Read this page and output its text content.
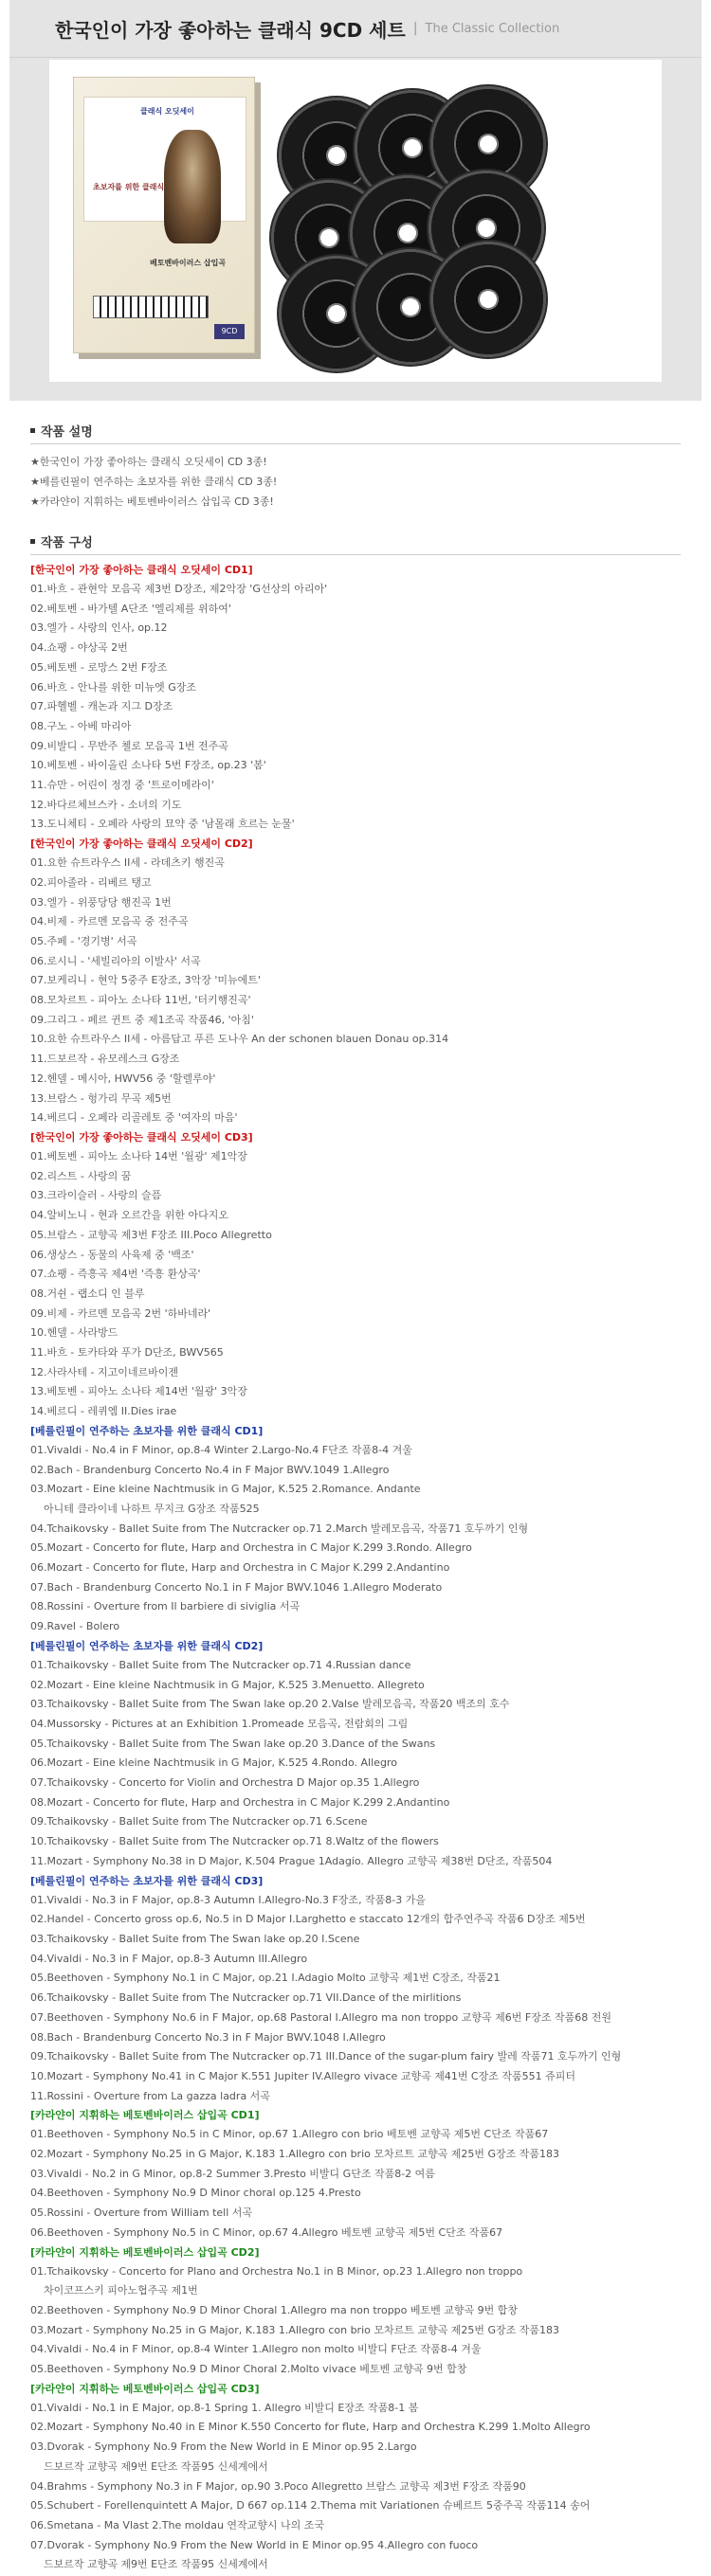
한국인이 가장 좋아하는 클래식 9CD 세트 | The Classic Collection
클래식 오딧세이
초보자를 위한 클래식
베토벤바이러스 삽입곡
9CD
작품 설명
★한국인이 가장 좋아하는 클래식 오딧세이 CD 3종!
★베를린필이 연주하는 초보자를 위한 클래식 CD 3종!
★카라얀이 지휘하는 베토벤바이러스 삽입곡 CD 3종!
작품 구성
[한국인이 가장 좋아하는 클래식 오딧세이 CD1]
01.바흐 - 관현악 모음곡 제3번 D장조, 제2악장 'G선상의 아리아'
02.베토벤 - 바가텔 A단조 '엘리제를 위하여'
03.엘가 - 사랑의 인사, op.12
04.쇼팽 - 야상곡 2번
05.베토벤 - 로망스 2번 F장조
06.바흐 - 안나를 위한 미뉴엣 G장조
07.파헬벨 - 캐논과 지그 D장조
08.구노 - 아베 마리아
09.비발디 - 무반주 첼로 모음곡 1번 전주곡
10.베토벤 - 바이올린 소나타 5번 F장조, op.23 '봄'
11.슈만 - 어린이 정경 중 '트로이메라이'
12.바다르체브스카 - 소녀의 기도
13.도니체티 - 오페라 사랑의 묘약 중 '남몰래 흐르는 눈물'
[한국인이 가장 좋아하는 클래식 오딧세이 CD2]
01.요한 슈트라우스 II세 - 라데츠키 행진곡
02.피아졸라 - 리베르 탱고
03.엘가 - 위풍당당 행진곡 1번
04.비제 - 카르멘 모음곡 중 전주곡
05.주페 - '경기병' 서곡
06.로시니 - '세빌리아의 이발사' 서곡
07.보케리니 - 현악 5중주 E장조, 3악장 '미뉴에트'
08.모차르트 - 피아노 소나타 11번, '터키행진곡'
09.그리그 - 페르 귄트 중 제1조곡 작품46, '아침'
10.요한 슈트라우스 II세 - 아름답고 푸른 도나우 An der schonen blauen Donau op.314
11.드보르작 - 유모레스크 G장조
12.헨델 - 메시아, HWV56 중 '할렐루야'
13.브람스 - 헝가리 무곡 제5번
14.베르디 - 오페라 리골레토 중 '여자의 마음'
[한국인이 가장 좋아하는 클래식 오딧세이 CD3]
01.베토벤 - 피아노 소나타 14번 '월광' 제1악장
02.리스트 - 사랑의 꿈
03.크라이슬러 - 사랑의 슬픔
04.알비노니 - 현과 오르간을 위한 아다지오
05.브람스 - 교향곡 제3번 F장조 III.Poco Allegretto
06.생상스 - 동물의 사육제 중 '백조'
07.쇼팽 - 즉흥곡 제4번 '즉흥 환상곡'
08.거쉰 - 랩소디 인 블루
09.비제 - 카르멘 모음곡 2번 '하바네라'
10.헨델 - 사라방드
11.바흐 - 토카타와 푸가 D단조, BWV565
12.사라사테 - 지고이네르바이젠
13.베토벤 - 피아노 소나타 제14번 '월광' 3악장
14.베르디 - 레퀴엠 II.Dies irae
[베를린필이 연주하는 초보자를 위한 클래식 CD1]
01.Vivaldi - No.4 in F Minor, op.8-4 Winter 2.Largo-No.4 F단조 작품8-4 겨울
02.Bach - Brandenburg Concerto No.4 in F Major BWV.1049 1.Allegro
03.Mozart - Eine kleine Nachtmusik in G Major, K.525 2.Romance. Andante
아니테 클라이네 나하트 무지크 G장조 작품525
04.Tchaikovsky - Ballet Suite from The Nutcracker op.71 2.March 발레모음곡, 작품71 호두까기 인형
05.Mozart - Concerto for flute, Harp and Orchestra in C Major K.299 3.Rondo. Allegro
06.Mozart - Concerto for flute, Harp and Orchestra in C Major K.299 2.Andantino
07.Bach - Brandenburg Concerto No.1 in F Major BWV.1046 1.Allegro Moderato
08.Rossini - Overture from Il barbiere di siviglia 서곡
09.Ravel - Bolero
[베를린필이 연주하는 초보자를 위한 클래식 CD2]
01.Tchaikovsky - Ballet Suite from The Nutcracker op.71 4.Russian dance
02.Mozart - Eine kleine Nachtmusik in G Major, K.525 3.Menuetto. Allegreto
03.Tchaikovsky - Ballet Suite from The Swan lake op.20 2.Valse 발레모음곡, 작품20 백조의 호수
04.Mussorsky - Pictures at an Exhibition 1.Promeade 모음곡, 전람회의 그림
05.Tchaikovsky - Ballet Suite from The Swan lake op.20 3.Dance of the Swans
06.Mozart - Eine kleine Nachtmusik in G Major, K.525 4.Rondo. Allegro
07.Tchaikovsky - Concerto for Violin and Orchestra D Major op.35 1.Allegro
08.Mozart - Concerto for flute, Harp and Orchestra in C Major K.299 2.Andantino
09.Tchaikovsky - Ballet Suite from The Nutcracker op.71 6.Scene
10.Tchaikovsky - Ballet Suite from The Nutcracker op.71 8.Waltz of the flowers
11.Mozart - Symphony No.38 in D Major, K.504 Prague 1Adagio. Allegro 교향곡 제38번 D단조, 작품504
[베를린필이 연주하는 초보자를 위한 클래식 CD3]
01.Vivaldi - No.3 in F Major, op.8-3 Autumn I.Allegro-No.3 F장조, 작품8-3 가을
02.Handel - Concerto gross op.6, No.5 in D Major I.Larghetto e staccato 12개의 합주연주곡 작품6 D장조 제5번
03.Tchaikovsky - Ballet Suite from The Swan lake op.20 I.Scene
04.Vivaldi - No.3 in F Major, op.8-3 Autumn III.Allegro
05.Beethoven - Symphony No.1 in C Major, op.21 I.Adagio Molto 교향곡 제1번 C장조, 작품21
06.Tchaikovsky - Ballet Suite from The Nutcracker op.71 VII.Dance of the mirlitions
07.Beethoven - Symphony No.6 in F Major, op.68 Pastoral I.Allegro ma non troppo 교향곡 제6번 F장조 작품68 전원
08.Bach - Brandenburg Concerto No.3 in F Major BWV.1048 I.Allegro
09.Tchaikovsky - Ballet Suite from The Nutcracker op.71 III.Dance of the sugar-plum fairy 발레 작품71 호두까기 인형
10.Mozart - Symphony No.41 in C Major K.551 Jupiter IV.Allegro vivace 교향곡 제41번 C장조 작품551 쥬피터
11.Rossini - Overture from La gazza ladra 서곡
[카라얀이 지휘하는 베토벤바이러스 삽입곡 CD1]
01.Beethoven - Symphony No.5 in C Minor, op.67 1.Allegro con brio 베토벤 교향곡 제5번 C단조 작품67
02.Mozart - Symphony No.25 in G Major, K.183 1.Allegro con brio 모차르트 교향곡 제25번 G장조 작품183
03.Vivaldi - No.2 in G Minor, op.8-2 Summer 3.Presto 비발디 G단조 작품8-2 여름
04.Beethoven - Symphony No.9 D Minor choral op.125 4.Presto
05.Rossini - Overture from William tell 서곡
06.Beethoven - Symphony No.5 in C Minor, op.67 4.Allegro 베토벤 교향곡 제5번 C단조 작품67
[카라얀이 지휘하는 베토벤바이러스 삽입곡 CD2]
01.Tchaikovsky - Concerto for Plano and Orchestra No.1 in B Minor, op.23 1.Allegro non troppo
차이코프스키 피아노협주곡 제1번
02.Beethoven - Symphony No.9 D Minor Choral 1.Allegro ma non troppo 베토벤 교향곡 9번 합창
03.Mozart - Symphony No.25 in G Major, K.183 1.Allegro con brio 모차르트 교향곡 제25번 G장조 작품183
04.Vivaldi - No.4 in F Minor, op.8-4 Winter 1.Allegro non molto 비발디 F단조 작품8-4 겨울
05.Beethoven - Symphony No.9 D Minor Choral 2.Molto vivace 베토벤 교향곡 9번 합창
[카라얀이 지휘하는 베토벤바이러스 삽입곡 CD3]
01.Vivaldi - No.1 in E Major, op.8-1 Spring 1. Allegro 비발디 E장조 작품8-1 봄
02.Mozart - Symphony No.40 in E Minor K.550 Concerto for flute, Harp and Orchestra K.299 1.Molto Allegro
03.Dvorak - Symphony No.9 From the New World in E Minor op.95 2.Largo
드보르작 교향곡 제9번 E단조 작품95 신세계에서
04.Brahms - Symphony No.3 in F Major, op.90 3.Poco Allegretto 브람스 교향곡 제3번 F장조 작품90
05.Schubert - Forellenquintett A Major, D 667 op.114 2.Thema mit Variationen 슈베르트 5중주곡 작품114 송어
06.Smetana - Ma Vlast 2.The moldau 연작교향시 나의 조국
07.Dvorak - Symphony No.9 From the New World in E Minor op.95 4.Allegro con fuoco
드보르작 교향곡 제9번 E단조 작품95 신세계에서
